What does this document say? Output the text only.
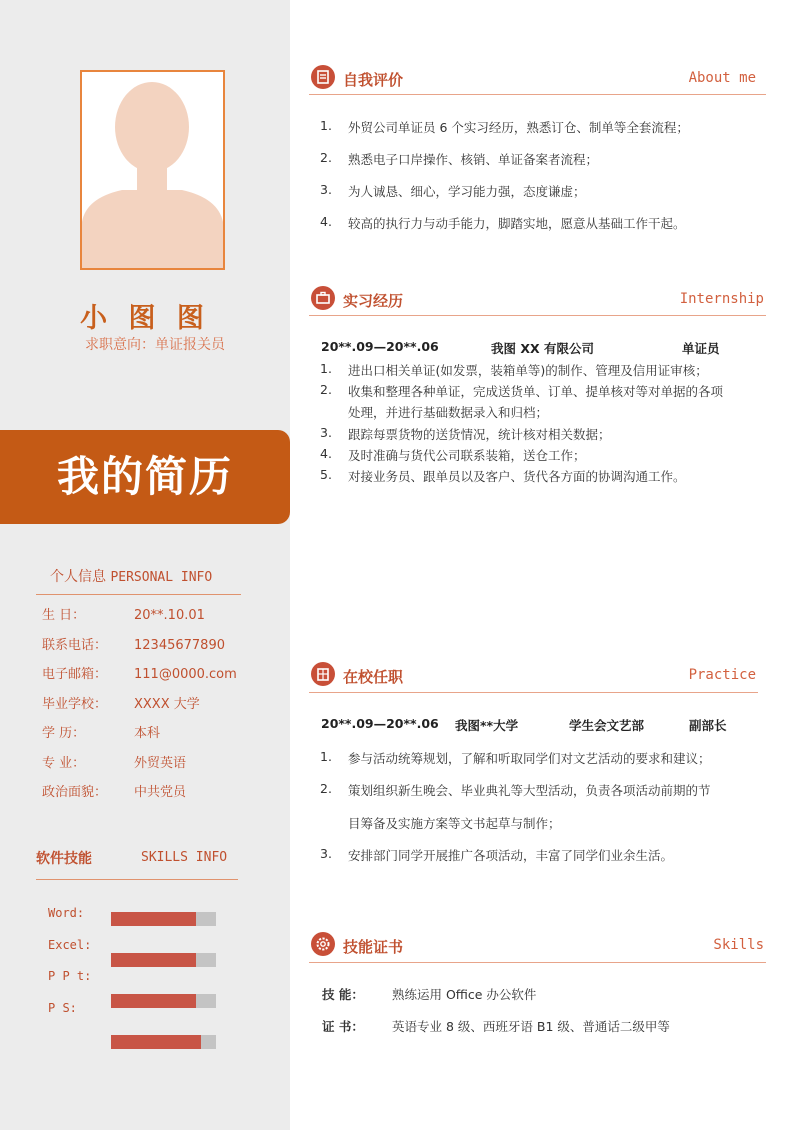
小 图 图
求职意向：单证报关员
我的简历
个人信息 PERSONAL INFO
生 日：	20**.10.01
联系电话： 12345677890
电子邮箱： 111@0000.com
毕业学校： XXXX 大学
学 历：	本科
专 业：	外贸英语
政治面貌： 中共党员
软件技能	SKILLS INFO
Word:
Excel:
P P t:
P S:
自我评价	About me
1. 外贸公司单证员 6 个实习经历，熟悉订仓、制单等全套流程；
2. 熟悉电子口岸操作、核销、单证备案者流程；
3. 为人诚恳、细心，学习能力强，态度谦虚；
4. 较高的执行力与动手能力，脚踏实地，愿意从基础工作干起。
实习经历	Internship
20**.09—20**.06	我图 XX 有限公司	单证员
1. 进出口相关单证(如发票，装箱单等)的制作、管理及信用证审核；
2. 收集和整理各种单证，完成送货单、订单、提单核对等对单据的各项
处理，并进行基础数据录入和归档；
3. 跟踪每票货物的送货情况，统计核对相关数据；
4. 及时准确与货代公司联系装箱，送仓工作；
5. 对接业务员、跟单员以及客户、货代各方面的协调沟通工作。
在校任职	Practice
20**.09—20**.06 我图**大学	学生会文艺部	副部长
1. 参与活动统筹规划，了解和听取同学们对文艺活动的要求和建议；
2. 策划组织新生晚会、毕业典礼等大型活动，负责各项活动前期的节
目筹备及实施方案等文书起草与制作；
3. 安排部门同学开展推广各项活动，丰富了同学们业余生活。
技能证书	Skills
技 能： 熟练运用 Office 办公软件
证 书： 英语专业 8 级、西班牙语 B1 级、普通话二级甲等
